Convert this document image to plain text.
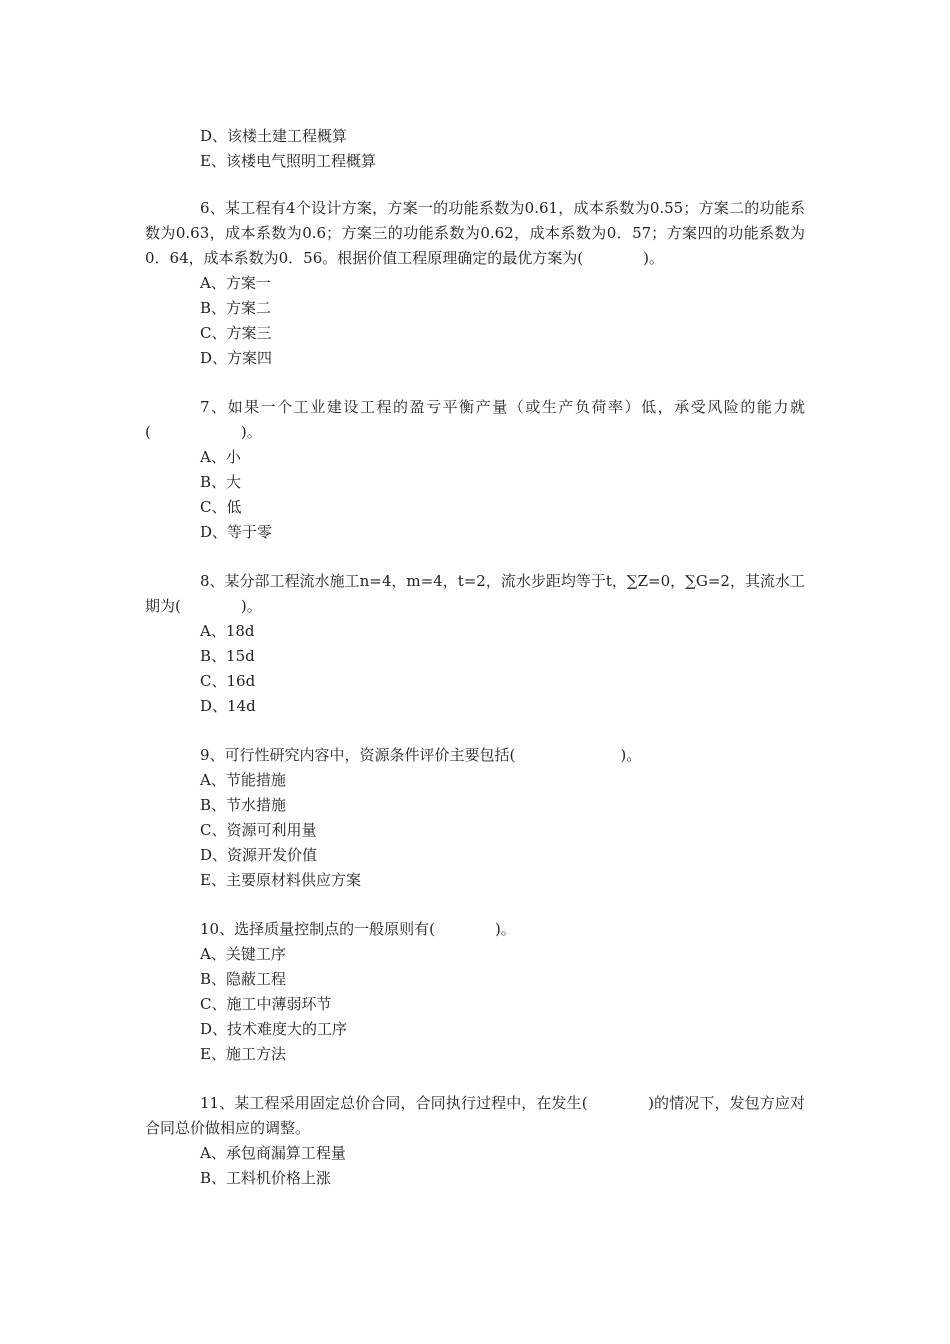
D、该楼土建工程概算
E、该楼电气照明工程概算
6、某工程有4个设计方案，方案一的功能系数为0.61，成本系数为0.55；方案二的功能系数为0.63，成本系数为0.6；方案三的功能系数为0.62，成本系数为0．57；方案四的功能系数为0．64，成本系数为0．56。根据价值工程原理确定的最优方案为(　　　　)。
A、方案一
B、方案二
C、方案三
D、方案四
7、如果一个工业建设工程的盈亏平衡产量（或生产负荷率）低，承受风险的能力就(　　　　　　)。
A、小
B、大
C、低
D、等于零
8、某分部工程流水施工n=4，m=4，t=2，流水步距均等于t，∑Z=0，∑G=2，其流水工期为(　　　　)。
A、18d
B、15d
C、16d
D、14d
9、可行性研究内容中，资源条件评价主要包括(　　　　　　　)。
A、节能措施
B、节水措施
C、资源可利用量
D、资源开发价值
E、主要原材料供应方案
10、选择质量控制点的一般原则有(　　　　)。
A、关键工序
B、隐蔽工程
C、施工中薄弱环节
D、技术难度大的工序
E、施工方法
11、某工程采用固定总价合同，合同执行过程中，在发生(　　　　)的情况下，发包方应对合同总价做相应的调整。
A、承包商漏算工程量
B、工料机价格上涨
